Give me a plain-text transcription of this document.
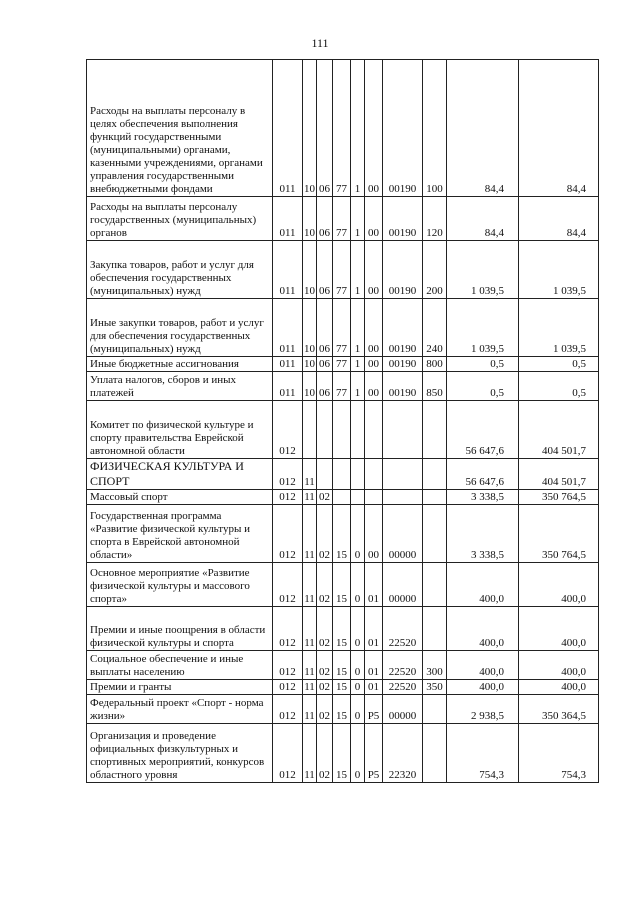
111
Расходы на выплаты персоналу в целях обеспечения выполнения функций государственными (муниципальными) органами, казенными учреждениями, органами управления государственными внебюджетными фондами	011	10	06	77	1	00	00190	100	84,4	84,4
Расходы на выплаты персоналу государственных (муниципальных) органов	011	10	06	77	1	00	00190	120	84,4	84,4
Закупка товаров, работ и услуг для обеспечения государственных (муниципальных) нужд	011	10	06	77	1	00	00190	200	1 039,5	1 039,5
Иные закупки товаров, работ и услуг для обеспечения государственных (муниципальных) нужд	011	10	06	77	1	00	00190	240	1 039,5	1 039,5
Иные бюджетные ассигнования	011	10	06	77	1	00	00190	800	0,5	0,5
Уплата налогов, сборов и иных платежей	011	10	06	77	1	00	00190	850	0,5	0,5
Комитет по физической культуре и спорту правительства Еврейской автономной области	012								56 647,6	404 501,7
ФИЗИЧЕСКАЯ КУЛЬТУРА И СПОРТ	012	11							56 647,6	404 501,7
Массовый спорт	012	11	02						3 338,5	350 764,5
Государственная программа «Развитие физической культуры и спорта в Еврейской автономной области»	012	11	02	15	0	00	00000		3 338,5	350 764,5
Основное мероприятие «Развитие физической культуры и массового спорта»	012	11	02	15	0	01	00000		400,0	400,0
Премии и иные поощрения в области физической культуры и спорта	012	11	02	15	0	01	22520		400,0	400,0
Социальное обеспечение и иные выплаты населению	012	11	02	15	0	01	22520	300	400,0	400,0
Премии и гранты	012	11	02	15	0	01	22520	350	400,0	400,0
Федеральный проект «Спорт - норма жизни»	012	11	02	15	0	P5	00000		2 938,5	350 364,5
Организация и проведение официальных физкультурных и спортивных мероприятий, конкурсов областного уровня	012	11	02	15	0	P5	22320		754,3	754,3
